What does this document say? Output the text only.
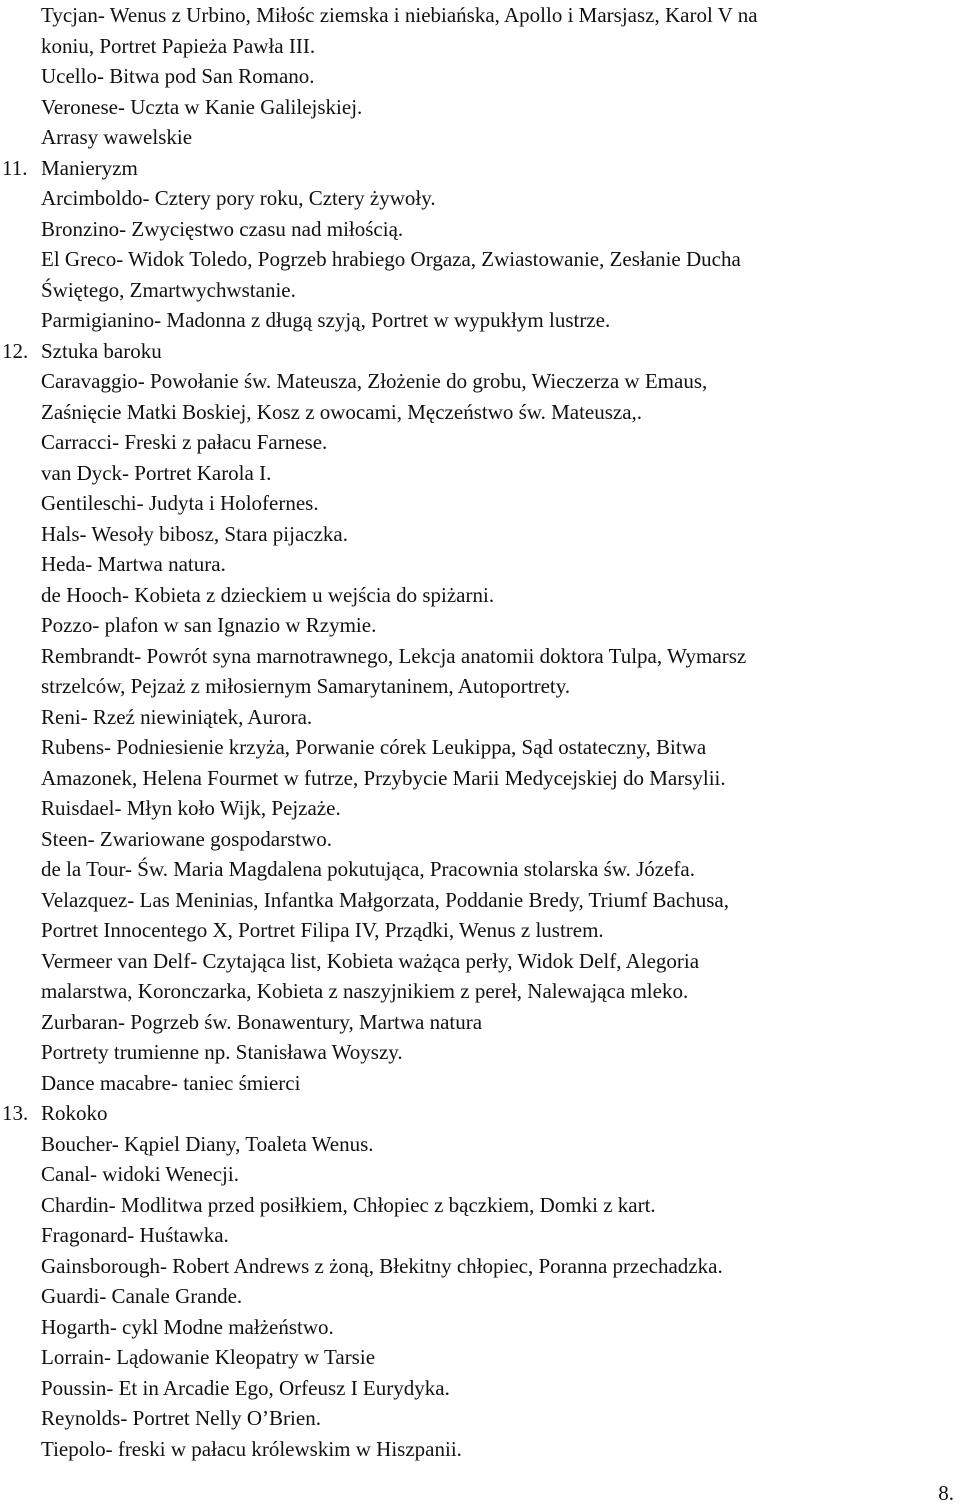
Tycjan- Wenus z Urbino, Miłośc ziemska i niebiańska, Apollo i Marsjasz, Karol V na
koniu, Portret Papieża Pawła III.
Ucello- Bitwa pod San Romano.
Veronese- Uczta w Kanie Galilejskiej.
Arrasy wawelskie
11. Manieryzm
Arcimboldo- Cztery pory roku, Cztery żywoły.
Bronzino- Zwycięstwo czasu nad miłością.
El Greco- Widok Toledo, Pogrzeb hrabiego Orgaza, Zwiastowanie, Zesłanie Ducha
Świętego, Zmartwychwstanie.
Parmigianino- Madonna z długą szyją, Portret w wypukłym lustrze.
12. Sztuka baroku
Caravaggio- Powołanie św. Mateusza, Złożenie do grobu, Wieczerza w Emaus,
Zaśnięcie Matki Boskiej, Kosz z owocami, Męczeństwo św. Mateusza,.
Carracci- Freski z pałacu Farnese.
van Dyck- Portret Karola I.
Gentileschi- Judyta i Holofernes.
Hals- Wesoły bibosz, Stara pijaczka.
Heda- Martwa natura.
de Hooch- Kobieta z dzieckiem u wejścia do spiżarni.
Pozzo- plafon w san Ignazio w Rzymie.
Rembrandt- Powrót syna marnotrawnego, Lekcja anatomii doktora Tulpa, Wymarsz
strzelców, Pejzaż z miłosiernym Samarytaninem, Autoportrety.
Reni- Rzeź niewiniątek, Aurora.
Rubens- Podniesienie krzyża, Porwanie córek Leukippa, Sąd ostateczny, Bitwa
Amazonek, Helena Fourmet w futrze, Przybycie Marii Medycejskiej do Marsylii.
Ruisdael- Młyn koło Wijk, Pejzaże.
Steen- Zwariowane gospodarstwo.
de la Tour- Św. Maria Magdalena pokutująca, Pracownia stolarska św. Józefa.
Velazquez- Las Meninias, Infantka Małgorzata, Poddanie Bredy, Triumf Bachusa,
Portret Innocentego X, Portret Filipa IV, Prządki, Wenus z lustrem.
Vermeer van Delf- Czytająca list, Kobieta ważąca perły, Widok Delf, Alegoria
malarstwa, Koronczarka, Kobieta z naszyjnikiem z pereł, Nalewająca mleko.
Zurbaran- Pogrzeb św. Bonawentury, Martwa natura
Portrety trumienne np. Stanisława Woyszy.
Dance macabre- taniec śmierci
13. Rokoko
Boucher- Kąpiel Diany, Toaleta Wenus.
Canal- widoki Wenecji.
Chardin- Modlitwa przed posiłkiem, Chłopiec z bączkiem, Domki z kart.
Fragonard- Huśtawka.
Gainsborough- Robert Andrews z żoną, Błekitny chłopiec, Poranna przechadzka.
Guardi- Canale Grande.
Hogarth- cykl Modne małżeństwo.
Lorrain- Lądowanie Kleopatry w Tarsie
Poussin- Et in Arcadie Ego, Orfeusz I Eurydyka.
Reynolds- Portret Nelly O’Brien.
Tiepolo- freski w pałacu królewskim w Hiszpanii.
8.
